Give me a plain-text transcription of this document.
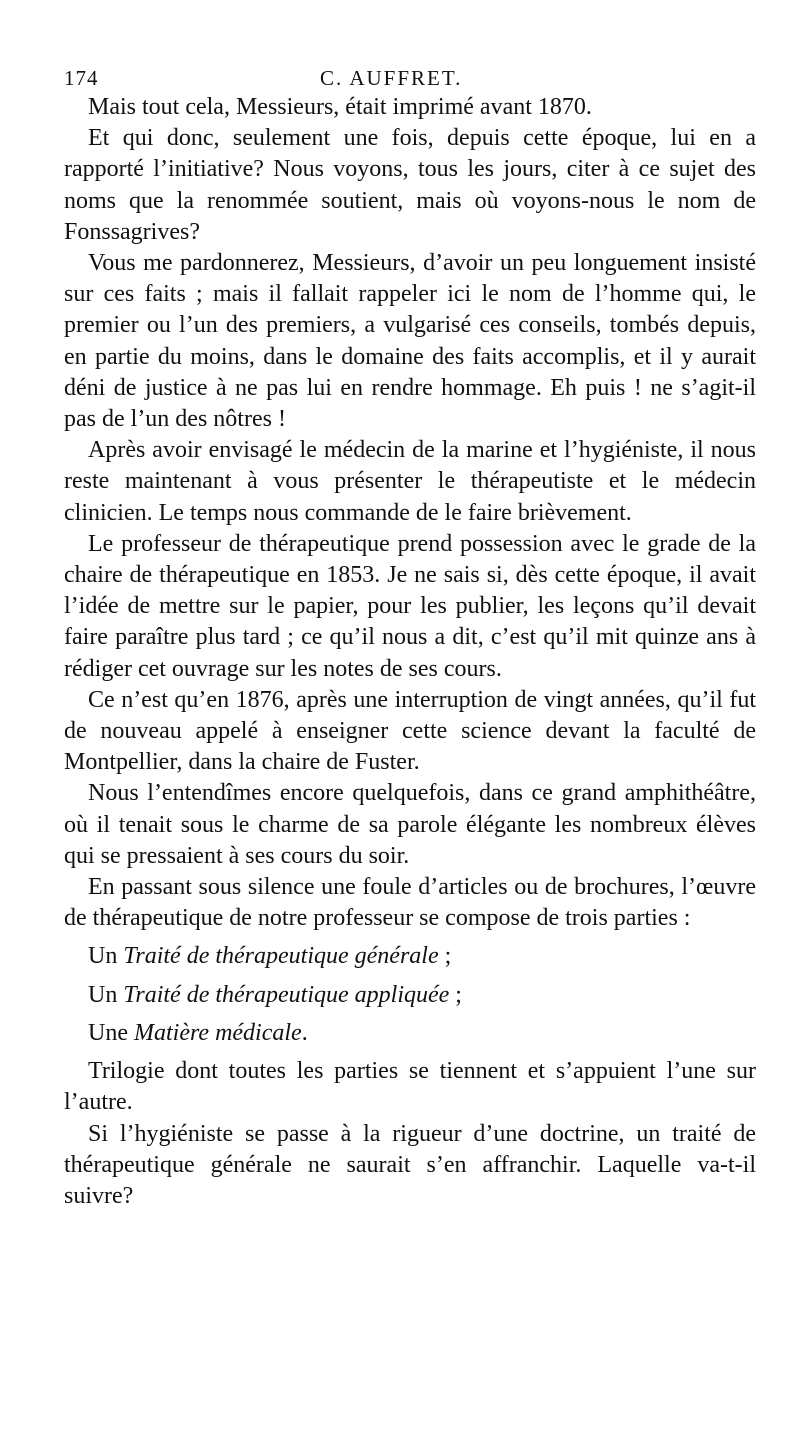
174	C. AUFFRET.

Mais tout cela, Messieurs, était imprimé avant 1870.

Et qui donc, seulement une fois, depuis cette époque, lui en a rapporté l’initiative? Nous voyons, tous les jours, citer à ce sujet des noms que la renommée soutient, mais où voyons-nous le nom de Fonssagrives?

Vous me pardonnerez, Messieurs, d’avoir un peu longuement insisté sur ces faits ; mais il fallait rappeler ici le nom de l’homme qui, le premier ou l’un des premiers, a vulgarisé ces conseils, tombés depuis, en partie du moins, dans le domaine des faits accomplis, et il y aurait déni de justice à ne pas lui en rendre hommage. Eh puis ! ne s’agit-il pas de l’un des nôtres !

Après avoir envisagé le médecin de la marine et l’hygiéniste, il nous reste maintenant à vous présenter le thérapeutiste et le médecin clinicien. Le temps nous commande de le faire brièvement.

Le professeur de thérapeutique prend possession avec le grade de la chaire de thérapeutique en 1853. Je ne sais si, dès cette époque, il avait l’idée de mettre sur le papier, pour les publier, les leçons qu’il devait faire paraître plus tard ; ce qu’il nous a dit, c’est qu’il mit quinze ans à rédiger cet ouvrage sur les notes de ses cours.

Ce n’est qu’en 1876, après une interruption de vingt années, qu’il fut de nouveau appelé à enseigner cette science devant la faculté de Montpellier, dans la chaire de Fuster.

Nous l’entendîmes encore quelquefois, dans ce grand amphithéâtre, où il tenait sous le charme de sa parole élégante les nombreux élèves qui se pressaient à ses cours du soir.

En passant sous silence une foule d’articles ou de brochures, l’œuvre de thérapeutique de notre professeur se compose de trois parties :

Un Traité de thérapeutique générale ;

Un Traité de thérapeutique appliquée ;

Une Matière médicale.

Trilogie dont toutes les parties se tiennent et s’appuient l’une sur l’autre.

Si l’hygiéniste se passe à la rigueur d’une doctrine, un traité de thérapeutique générale ne saurait s’en affranchir. Laquelle va-t-il suivre?
